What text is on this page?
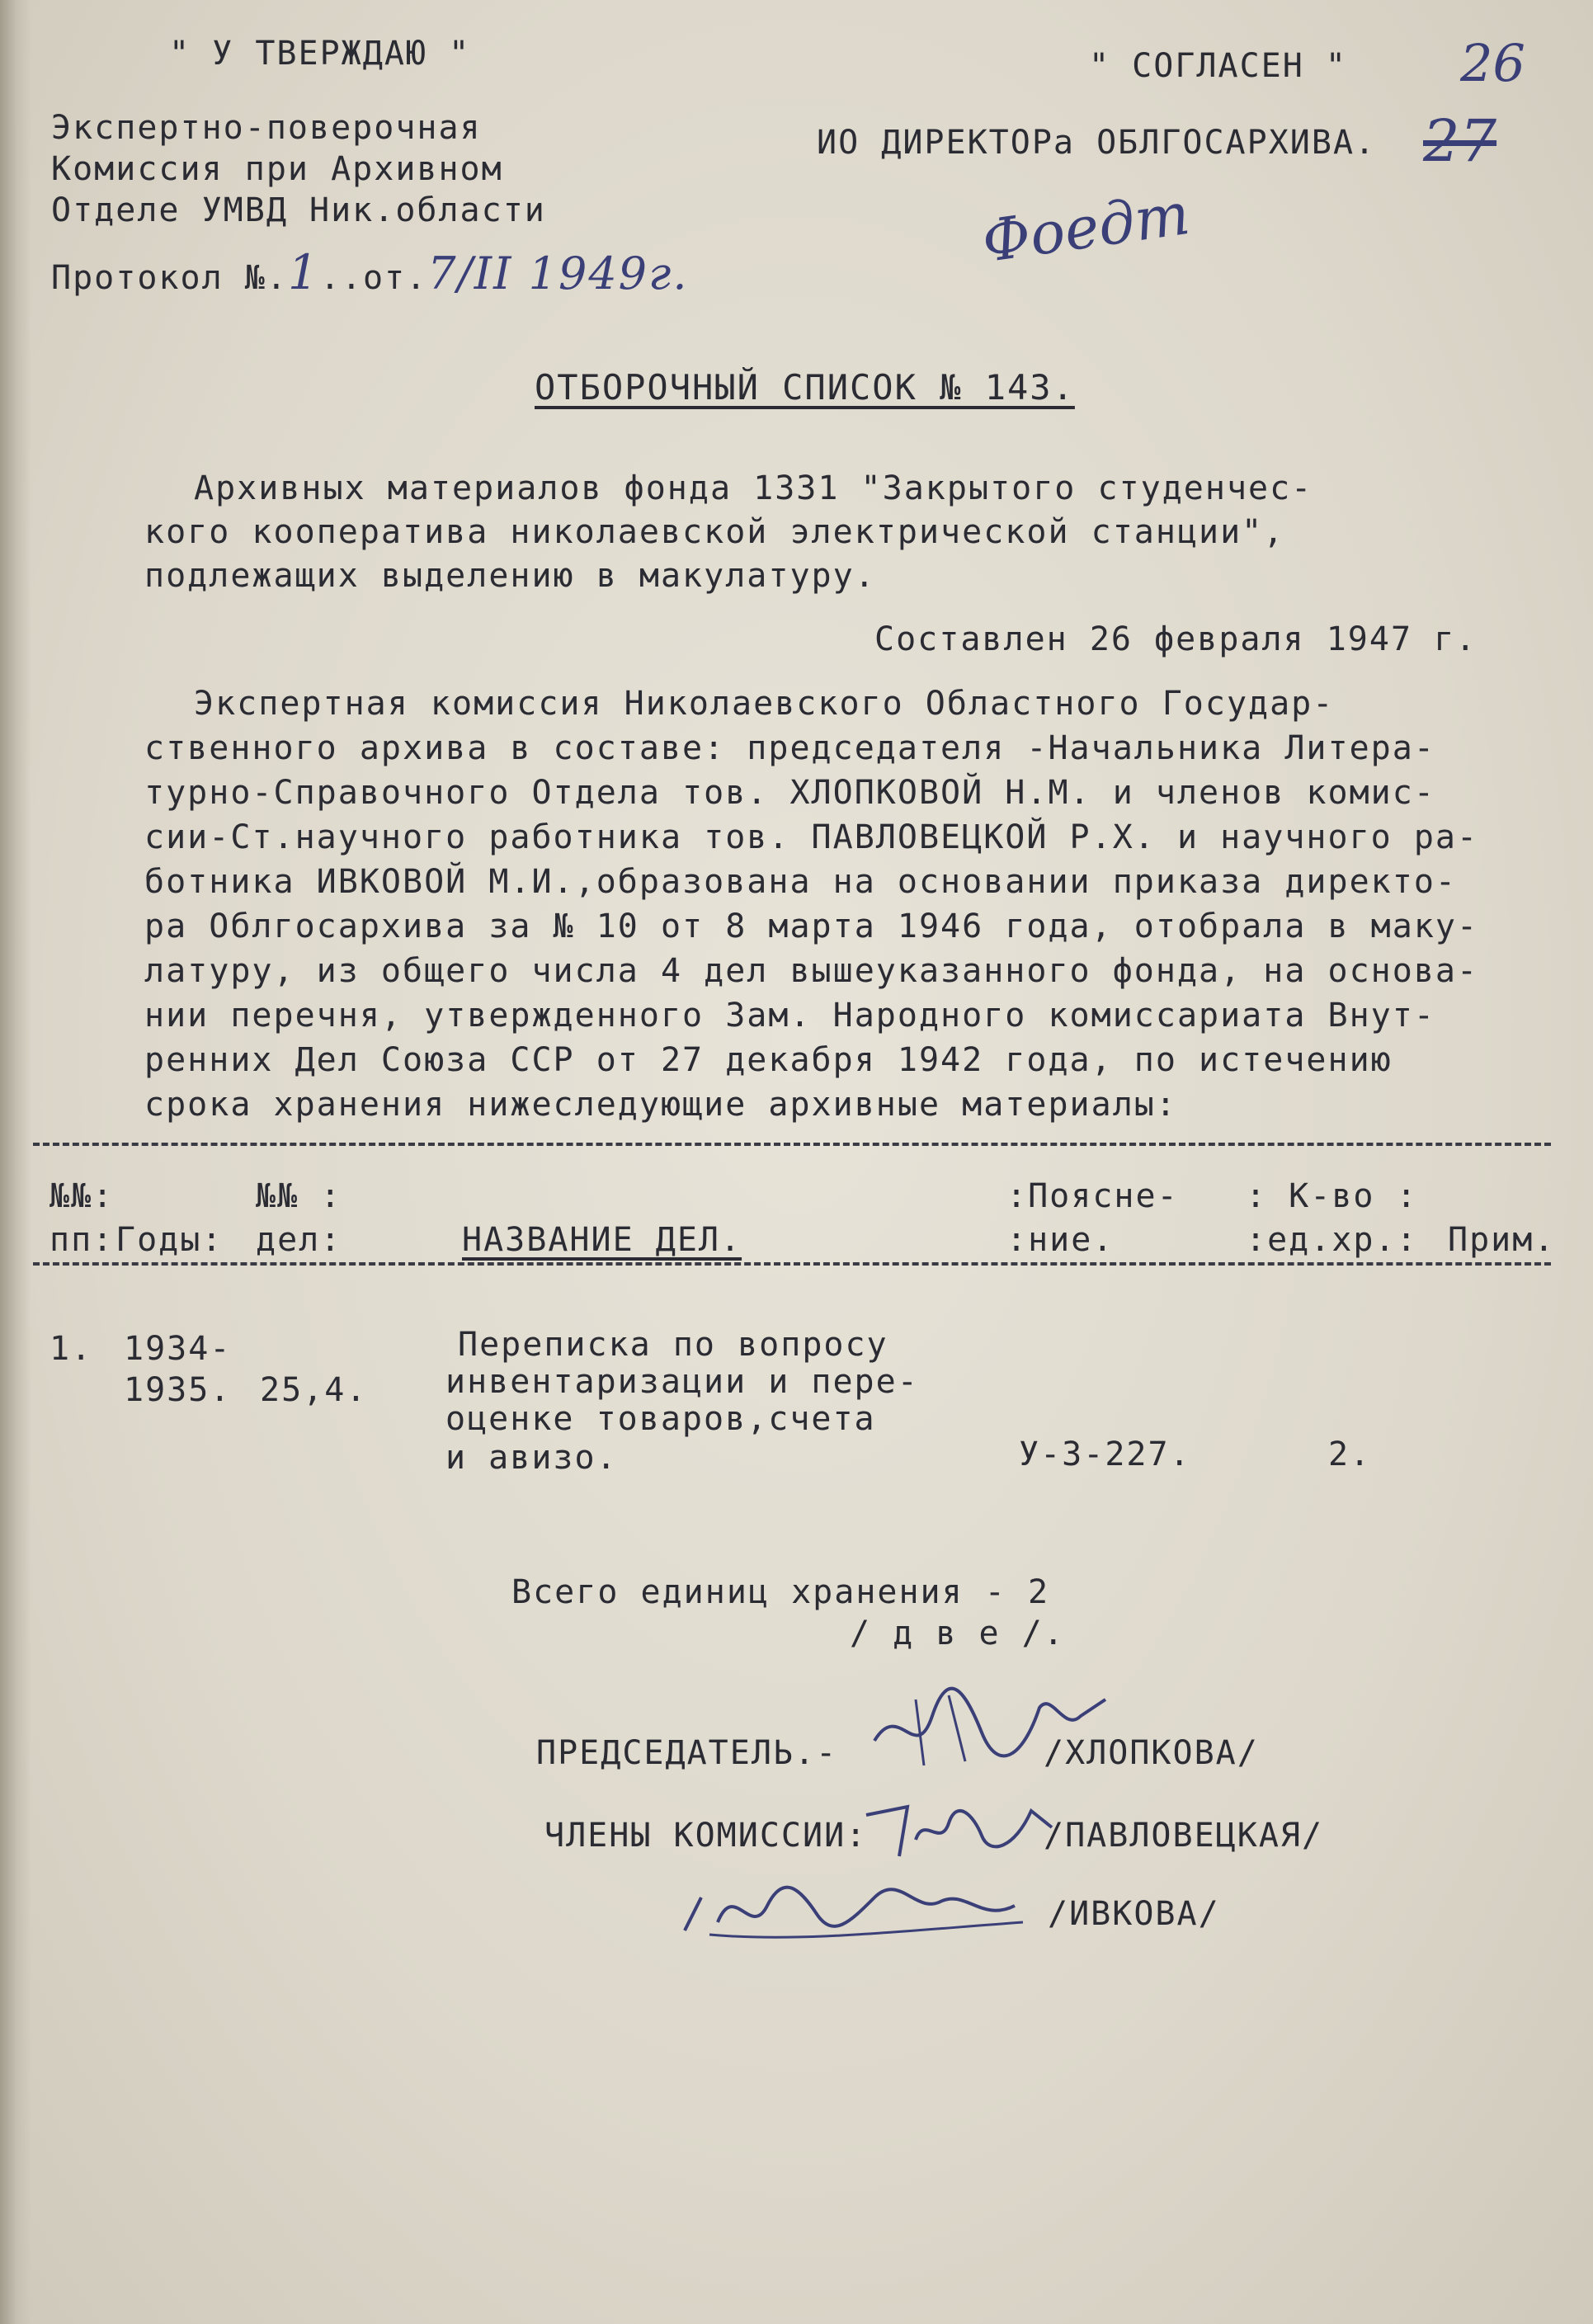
" У ТВЕРЖДАЮ "
Экспертно-поверочная
Комиссия при Архивном
Отделе УМВД Ник.области
Протокол №.1..от.7/II 1949г.
" СОГЛАСЕН "
ИО ДИРЕКТОРа ОБЛГОСАРХИВА.
26
27
Фоедт
ОТБОРОЧНЫЙ СПИСОК № 143.
Архивных материалов фонда 1331 "Закрытого студенчес-
кого кооператива николаевской электрической станции",
подлежащих выделению в макулатуру.
Составлен 26 февраля 1947 г.
Экспертная комиссия Николаевского Областного Государ-
ственного архива в составе: председателя -Начальника Литера-
турно-Справочного Отдела тов. ХЛОПКОВОЙ Н.М. и членов комис-
сии-Ст.научного работника тов. ПАВЛОВЕЦКОЙ Р.Х. и научного ра-
ботника ИВКОВОЙ М.И.,образована на основании приказа директо-
ра Облгосархива за № 10 от 8 марта 1946 года, отобрала в маку-
латуру, из общего числа 4 дел вышеуказанного фонда, на основа-
нии перечня, утвержденного Зам. Народного комиссариата Внут-
ренних Дел Союза ССР от 27 декабря 1942 года, по истечению
срока хранения нижеследующие архивные материалы:
№№:
пп: Годы:
№№ :
дел:	НАЗВАНИЕ ДЕЛ.
:Поясне-
:ние.
: К-во :
:ед.хр.: Прим.
1. 1934-
1935. 25,4.
Переписка по вопросу
инвентаризации и пере-
оценке товаров,счета
и авизо.	У-3-227.	2.
Всего единиц хранения - 2
/ д в е /.
ПРЕДСЕДАТЕЛЬ.-	/ХЛОПКОВА/
ЧЛЕНЫ КОМИССИИ:	/ПАВЛОВЕЦКАЯ/
/ИВКОВА/
